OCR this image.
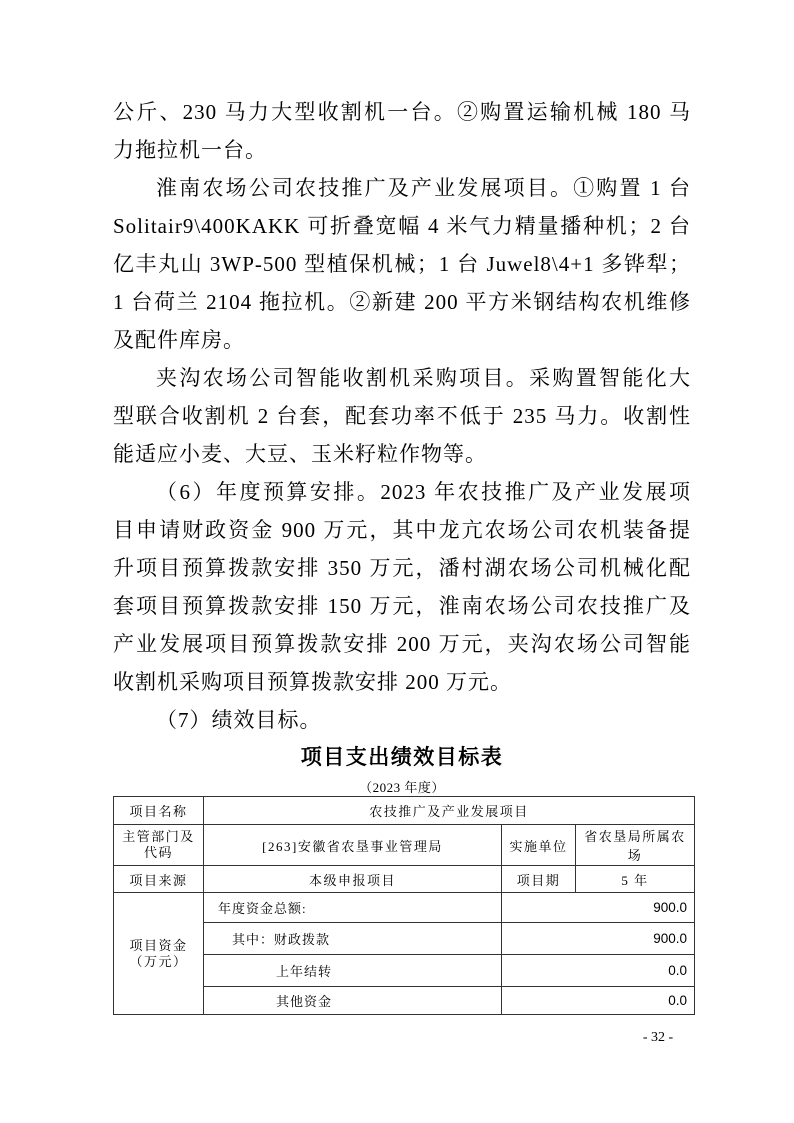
公斤、230 马力大型收割机一台。②购置运输机械 180 马
力拖拉机一台。
淮南农场公司农技推广及产业发展项目。①购置 1 台
Solitair9\400KAKK 可折叠宽幅 4 米气力精量播种机；2 台
亿丰丸山 3WP-500 型植保机械；1 台 Juwel8\4+1 多铧犁；
1 台荷兰 2104 拖拉机。②新建 200 平方米钢结构农机维修
及配件库房。
夹沟农场公司智能收割机采购项目。采购置智能化大
型联合收割机 2 台套，配套功率不低于 235 马力。收割性
能适应小麦、大豆、玉米籽粒作物等。
（6）年度预算安排。2023 年农技推广及产业发展项
目申请财政资金 900 万元，其中龙亢农场公司农机装备提
升项目预算拨款安排 350 万元，潘村湖农场公司机械化配
套项目预算拨款安排 150 万元，淮南农场公司农技推广及
产业发展项目预算拨款安排 200 万元，夹沟农场公司智能
收割机采购项目预算拨款安排 200 万元。
（7）绩效目标。
项目支出绩效目标表
（2023 年度）
项目名称	农技推广及产业发展项目		

主管部门及
代码	[263]安徽省农垦事业管理局	实施单位	省农垦局所属农场
项目来源	本级申报项目	项目期	5 年

项目资金
（万元）	年度资金总额:	900.0	
	其中：财政拨款	900.0	
	上年结转	0.0	
	其他资金	0.0	
- 32 -
